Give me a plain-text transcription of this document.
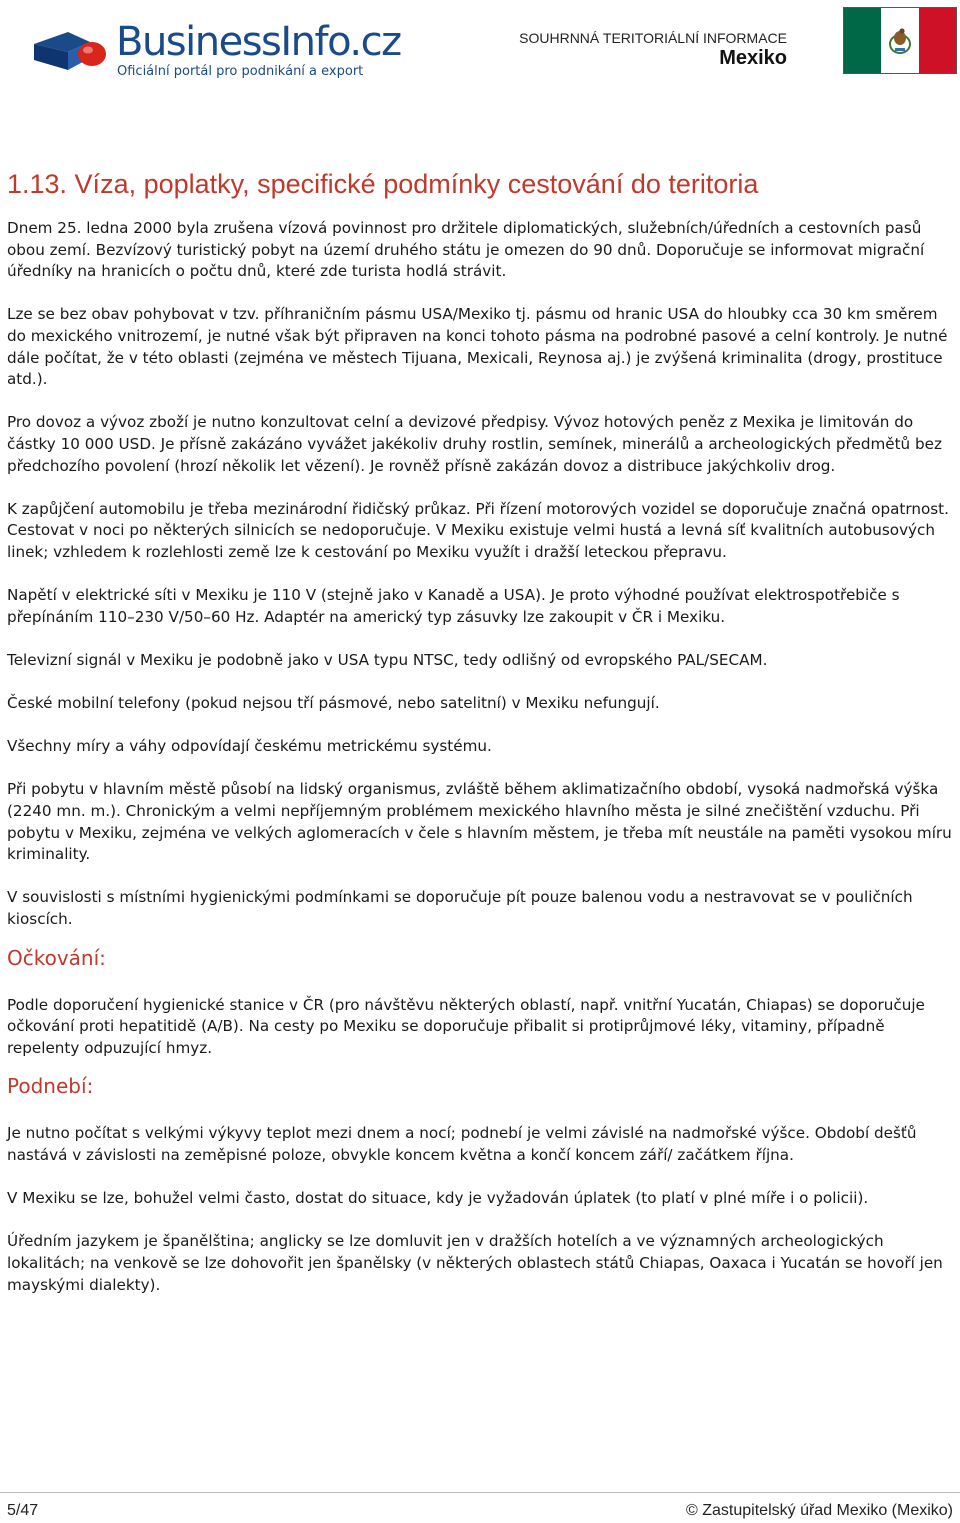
BusinessInfo.cz
Oficiální portál pro podnikání a export
SOUHRNNÁ TERITORIÁLNÍ INFORMACE
Mexiko
1.13. Víza, poplatky, specifické podmínky cestování do teritoria

Dnem 25. ledna 2000 byla zrušena vízová povinnost pro držitele diplomatických, služebních/úředních a cestovních pasů obou zemí. Bezvízový turistický pobyt na území druhého státu je omezen do 90 dnů. Doporučuje se informovat migrační úředníky na hranicích o počtu dnů, které zde turista hodlá strávit.

Lze se bez obav pohybovat v tzv. příhraničním pásmu USA/Mexiko tj. pásmu od hranic USA do hloubky cca 30 km směrem do mexického vnitrozemí, je nutné však být připraven na konci tohoto pásma na podrobné pasové a celní kontroly. Je nutné dále počítat, že v této oblasti (zejména ve městech Tijuana, Mexicali, Reynosa aj.) je zvýšená kriminalita (drogy, prostituce atd.).

Pro dovoz a vývoz zboží je nutno konzultovat celní a devizové předpisy. Vývoz hotových peněz z Mexika je limitován do částky 10 000 USD. Je přísně zakázáno vyvážet jakékoliv druhy rostlin, semínek, minerálů a archeologických předmětů bez předchozího povolení (hrozí několik let vězení). Je rovněž přísně zakázán dovoz a distribuce jakýchkoliv drog.

K zapůjčení automobilu je třeba mezinárodní řidičský průkaz. Při řízení motorových vozidel se doporučuje značná opatrnost. Cestovat v noci po některých silnicích se nedoporučuje. V Mexiku existuje velmi hustá a levná síť kvalitních autobusových linek; vzhledem k rozlehlosti země lze k cestování po Mexiku využít i dražší leteckou přepravu.

Napětí v elektrické síti v Mexiku je 110 V (stejně jako v Kanadě a USA). Je proto výhodné používat elektrospotřebiče s přepínáním 110–230 V/50–60 Hz. Adaptér na americký typ zásuvky lze zakoupit v ČR i Mexiku.

Televizní signál v Mexiku je podobně jako v USA typu NTSC, tedy odlišný od evropského PAL/SECAM.

České mobilní telefony (pokud nejsou tří pásmové, nebo satelitní) v Mexiku nefungují.

Všechny míry a váhy odpovídají českému metrickému systému.

Při pobytu v hlavním městě působí na lidský organismus, zvláště během aklimatizačního období, vysoká nadmořská výška (2240 mn. m.). Chronickým a velmi nepříjemným problémem mexického hlavního města je silné znečištění vzduchu. Při pobytu v Mexiku, zejména ve velkých aglomeracích v čele s hlavním městem, je třeba mít neustále na paměti vysokou míru kriminality.

V souvislosti s místními hygienickými podmínkami se doporučuje pít pouze balenou vodu a nestravovat se v pouličních kioscích.

Očkování:

Podle doporučení hygienické stanice v ČR (pro návštěvu některých oblastí, např. vnitřní Yucatán, Chiapas) se doporučuje očkování proti hepatitidě (A/B). Na cesty po Mexiku se doporučuje přibalit si protiprůjmové léky, vitaminy, případně repelenty odpuzující hmyz.

Podnebí:

Je nutno počítat s velkými výkyvy teplot mezi dnem a nocí; podnebí je velmi závislé na nadmořské výšce. Období dešťů nastává v závislosti na zeměpisné poloze, obvykle koncem května a končí koncem září/ začátkem října.

V Mexiku se lze, bohužel velmi často, dostat do situace, kdy je vyžadován úplatek (to platí v plné míře i o policii).

Úředním jazykem je španělština; anglicky se lze domluvit jen v dražších hotelích a ve významných archeologických lokalitách; na venkově se lze dohovořit jen španělsky (v některých oblastech států Chiapas, Oaxaca i Yucatán se hovoří jen mayskými dialekty).

5/47	© Zastupitelský úřad Mexiko (Mexiko)
